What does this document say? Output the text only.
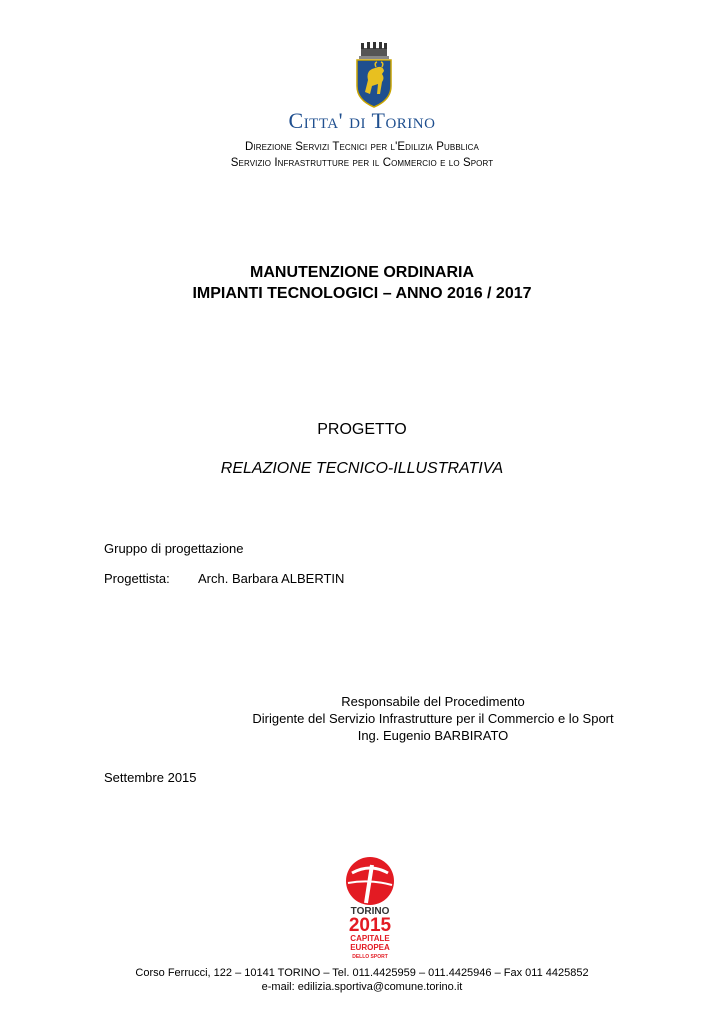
Citta' di Torino
Direzione Servizi Tecnici per l'Edilizia Pubblica
Servizio Infrastrutture per il Commercio e lo Sport
MANUTENZIONE ORDINARIA
IMPIANTI TECNOLOGICI – ANNO 2016 / 2017
PROGETTO
RELAZIONE TECNICO-ILLUSTRATIVA
Gruppo di progettazione
Progettista: Arch. Barbara ALBERTIN
Responsabile del Procedimento
Dirigente del Servizio Infrastrutture per il Commercio e lo Sport
Ing. Eugenio BARBIRATO
Settembre 2015
TORINO
2015
CAPITALE
EUROPEA
DELLO SPORT
Corso Ferrucci, 122 – 10141 TORINO – Tel. 011.4425959 – 011.4425946 – Fax 011 4425852
e-mail: edilizia.sportiva@comune.torino.it
